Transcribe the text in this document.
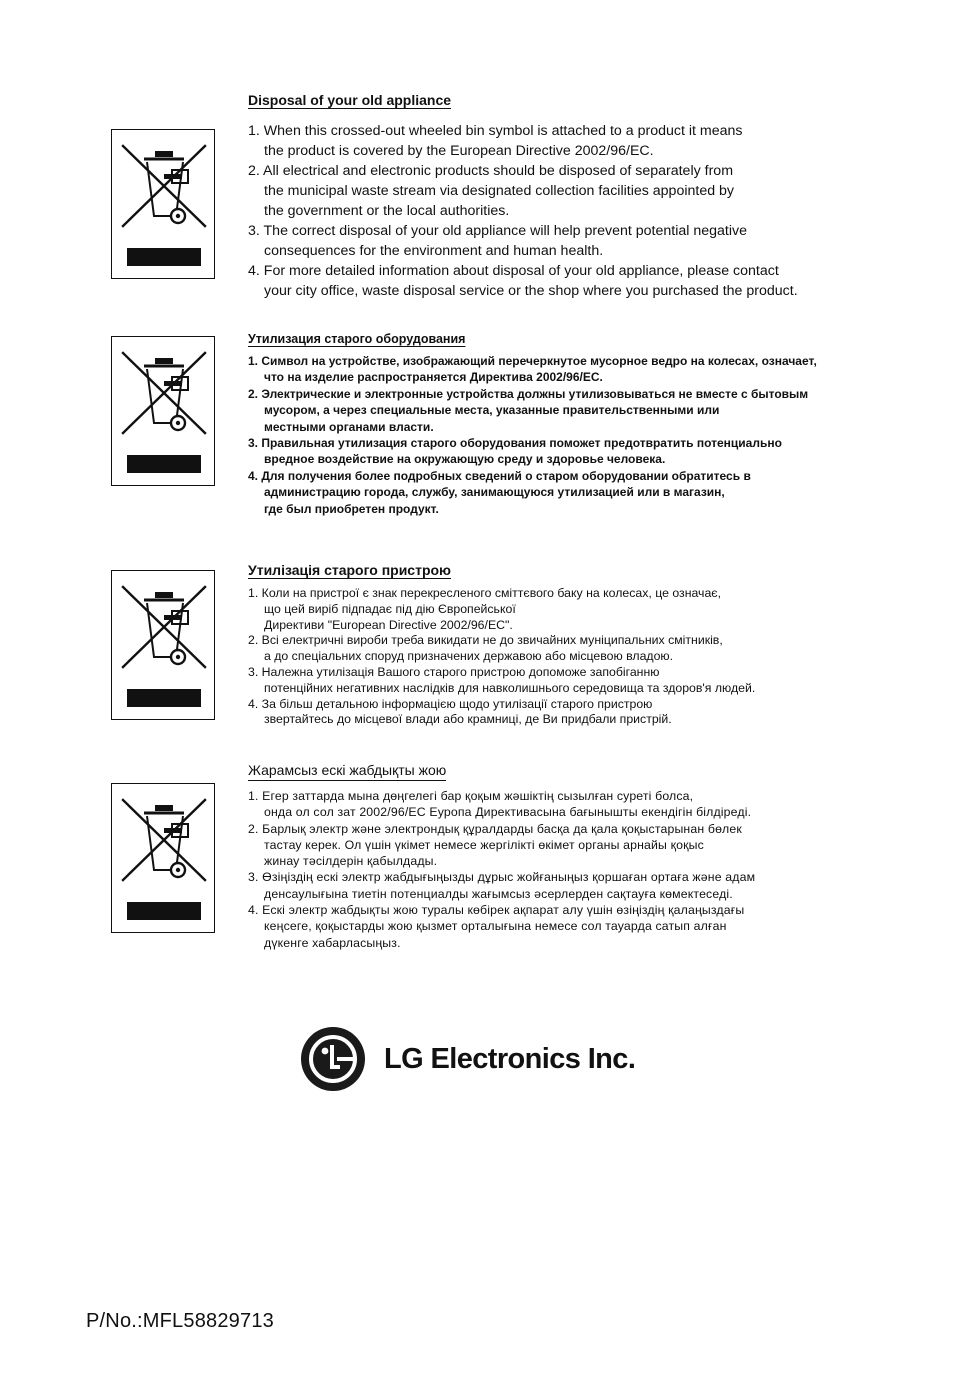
Disposal of your old appliance
1. When this crossed-out wheeled bin symbol is attached to a product it means
the product is covered by the European Directive 2002/96/EC.
2. All electrical and electronic products should be disposed of separately from
the municipal waste stream via designated collection facilities appointed by
the government or the local authorities.
3. The correct disposal of your old appliance will help prevent potential negative
consequences for the environment and human health.
4. For more detailed information about disposal of your old appliance, please contact
your city office, waste disposal service or the shop where you purchased the product.
Утилизация старого оборудования
1. Символ на устройстве, изображающий перечеркнутое мусорное ведро на колесах, означает,
что на изделие распространяется Директива 2002/96/EC.
2. Электрические и электронные устройства должны утилизовываться не вместе с бытовым
мусором, а через специальные места, указанные правительственными или
местными органами власти.
3. Правильная утилизация старого оборудования поможет предотвратить потенциально
вредное воздействие на окружающую среду и здоровье человека.
4. Для получения более подробных сведений о старом оборудовании обратитесь в
администрацию города, службу, занимающуюся утилизацией или в магазин,
где был приобретен продукт.
Утилізація старого пристрою
1. Коли на пристрої є знак перекресленого сміттєвого баку на колесах, це означає,
що цей виріб підпадає під дію Європейської
Директиви "European Directive 2002/96/EC".
2. Всі електричні вироби треба викидати не до звичайних муніципальних смітників,
а до спеціальних споруд призначених державою або місцевою владою.
3. Належна утилізація Вашого старого пристрою допоможе запобіганню
потенційних негативних наслідків для навколишнього середовища та здоров'я людей.
4. За більш детальною інформацією щодо утилізації старого пристрою
звертайтесь до місцевої влади або крамниці, де Ви придбали пристрій.
Жарамсыз ескі жабдықты жою
1. Егер заттарда мына дөңгелегі бар қоқым жәшіктің сызылған суреті болса,
онда ол сол зат 2002/96/EC Еуропа Директивасына бағынышты екендігін білдіреді.
2. Барлық электр және электрондық құралдарды басқа да қала қоқыстарынан бөлек
тастау керек. Ол үшін үкімет немесе жергілікті өкімет органы арнайы қоқыс
жинау тәсілдерін қабылдады.
3. Өзіңіздің ескі электр жабдығыңызды дұрыс жойғаныңыз қоршаған ортаға және адам
денсаулығына тиетін потенциалды жағымсыз әсерлерден сақтауға көмектеседі.
4. Ескі электр жабдықты жою туралы көбірек ақпарат алу үшін өзіңіздің қалаңыздағы
кеңсеге, қоқыстарды жою қызмет орталығына немесе сол тауарда сатып алған
дүкенге хабарласыңыз.
LG Electronics Inc.
P/No.:MFL58829713
